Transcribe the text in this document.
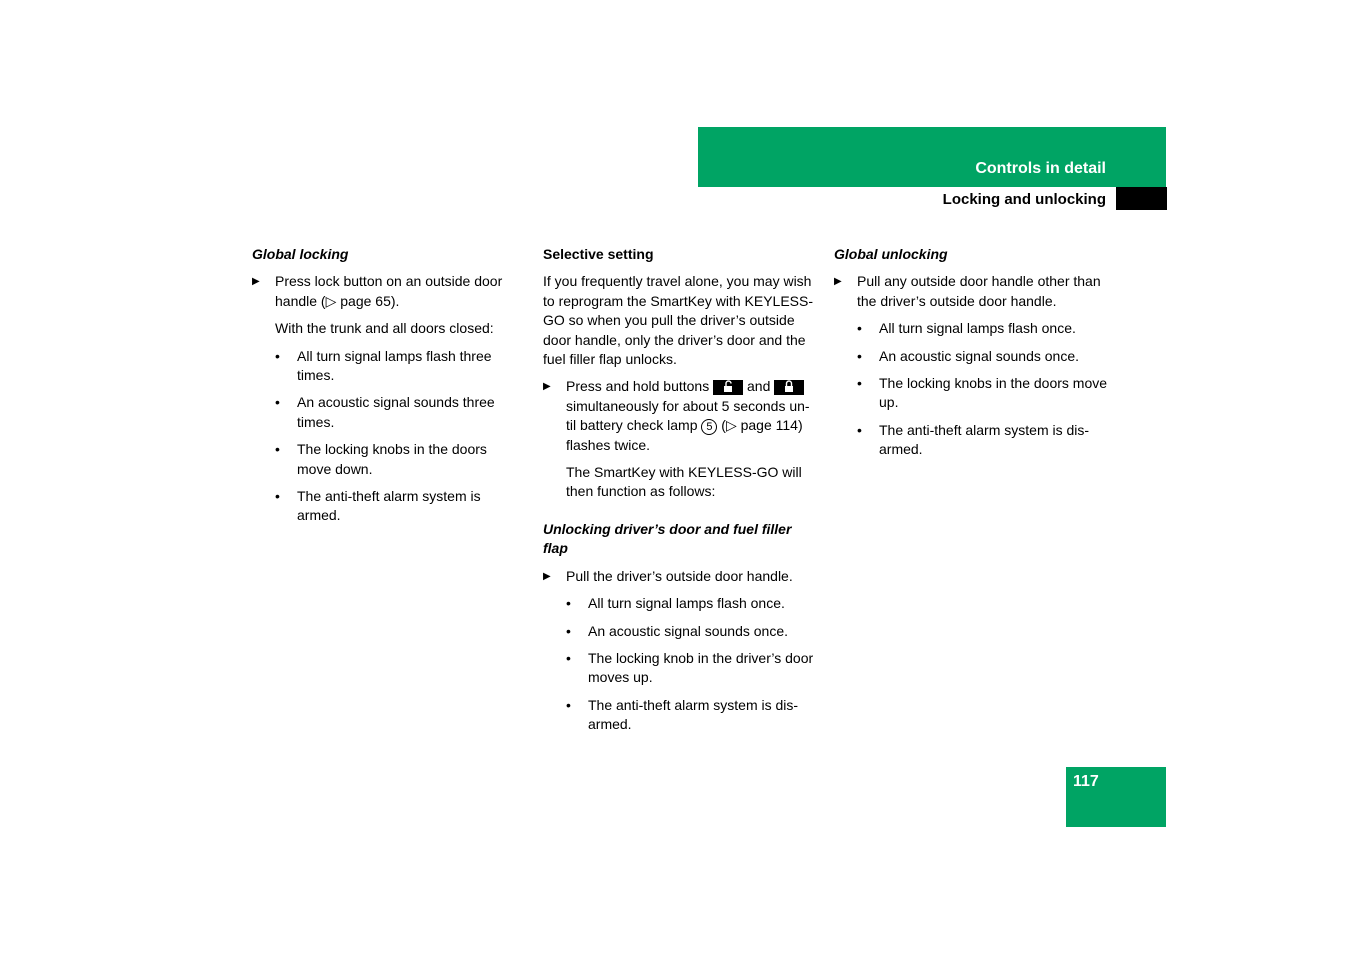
Controls in detail
Locking and unlocking
117
Global locking
▶ Press lock button on an outside door handle (▷ page 65).
With the trunk and all doors closed:
• All turn signal lamps flash three times.
• An acoustic signal sounds three times.
• The locking knobs in the doors move down.
• The anti-theft alarm system is armed.
Selective setting

If you frequently travel alone, you may wish to reprogram the SmartKey with KEYLESS-GO so when you pull the driver’s outside door handle, only the driver’s door and the fuel filler flap unlocks.

▶ Press and hold buttons	and  simultaneously for about 5 seconds un-til battery check lamp 5 (▷ page 114) flashes twice.
The SmartKey with KEYLESS-GO will then function as follows:
Unlocking driver’s door and fuel filler flap
▶ Pull the driver’s outside door handle.
• All turn signal lamps flash once.
• An acoustic signal sounds once.
• The locking knob in the driver’s door moves up.
• The anti-theft alarm system is dis-armed.
Global unlocking
▶ Pull any outside door handle other than the driver’s outside door handle.
• All turn signal lamps flash once.
• An acoustic signal sounds once.
• The locking knobs in the doors move up.
• The anti-theft alarm system is dis-armed.
